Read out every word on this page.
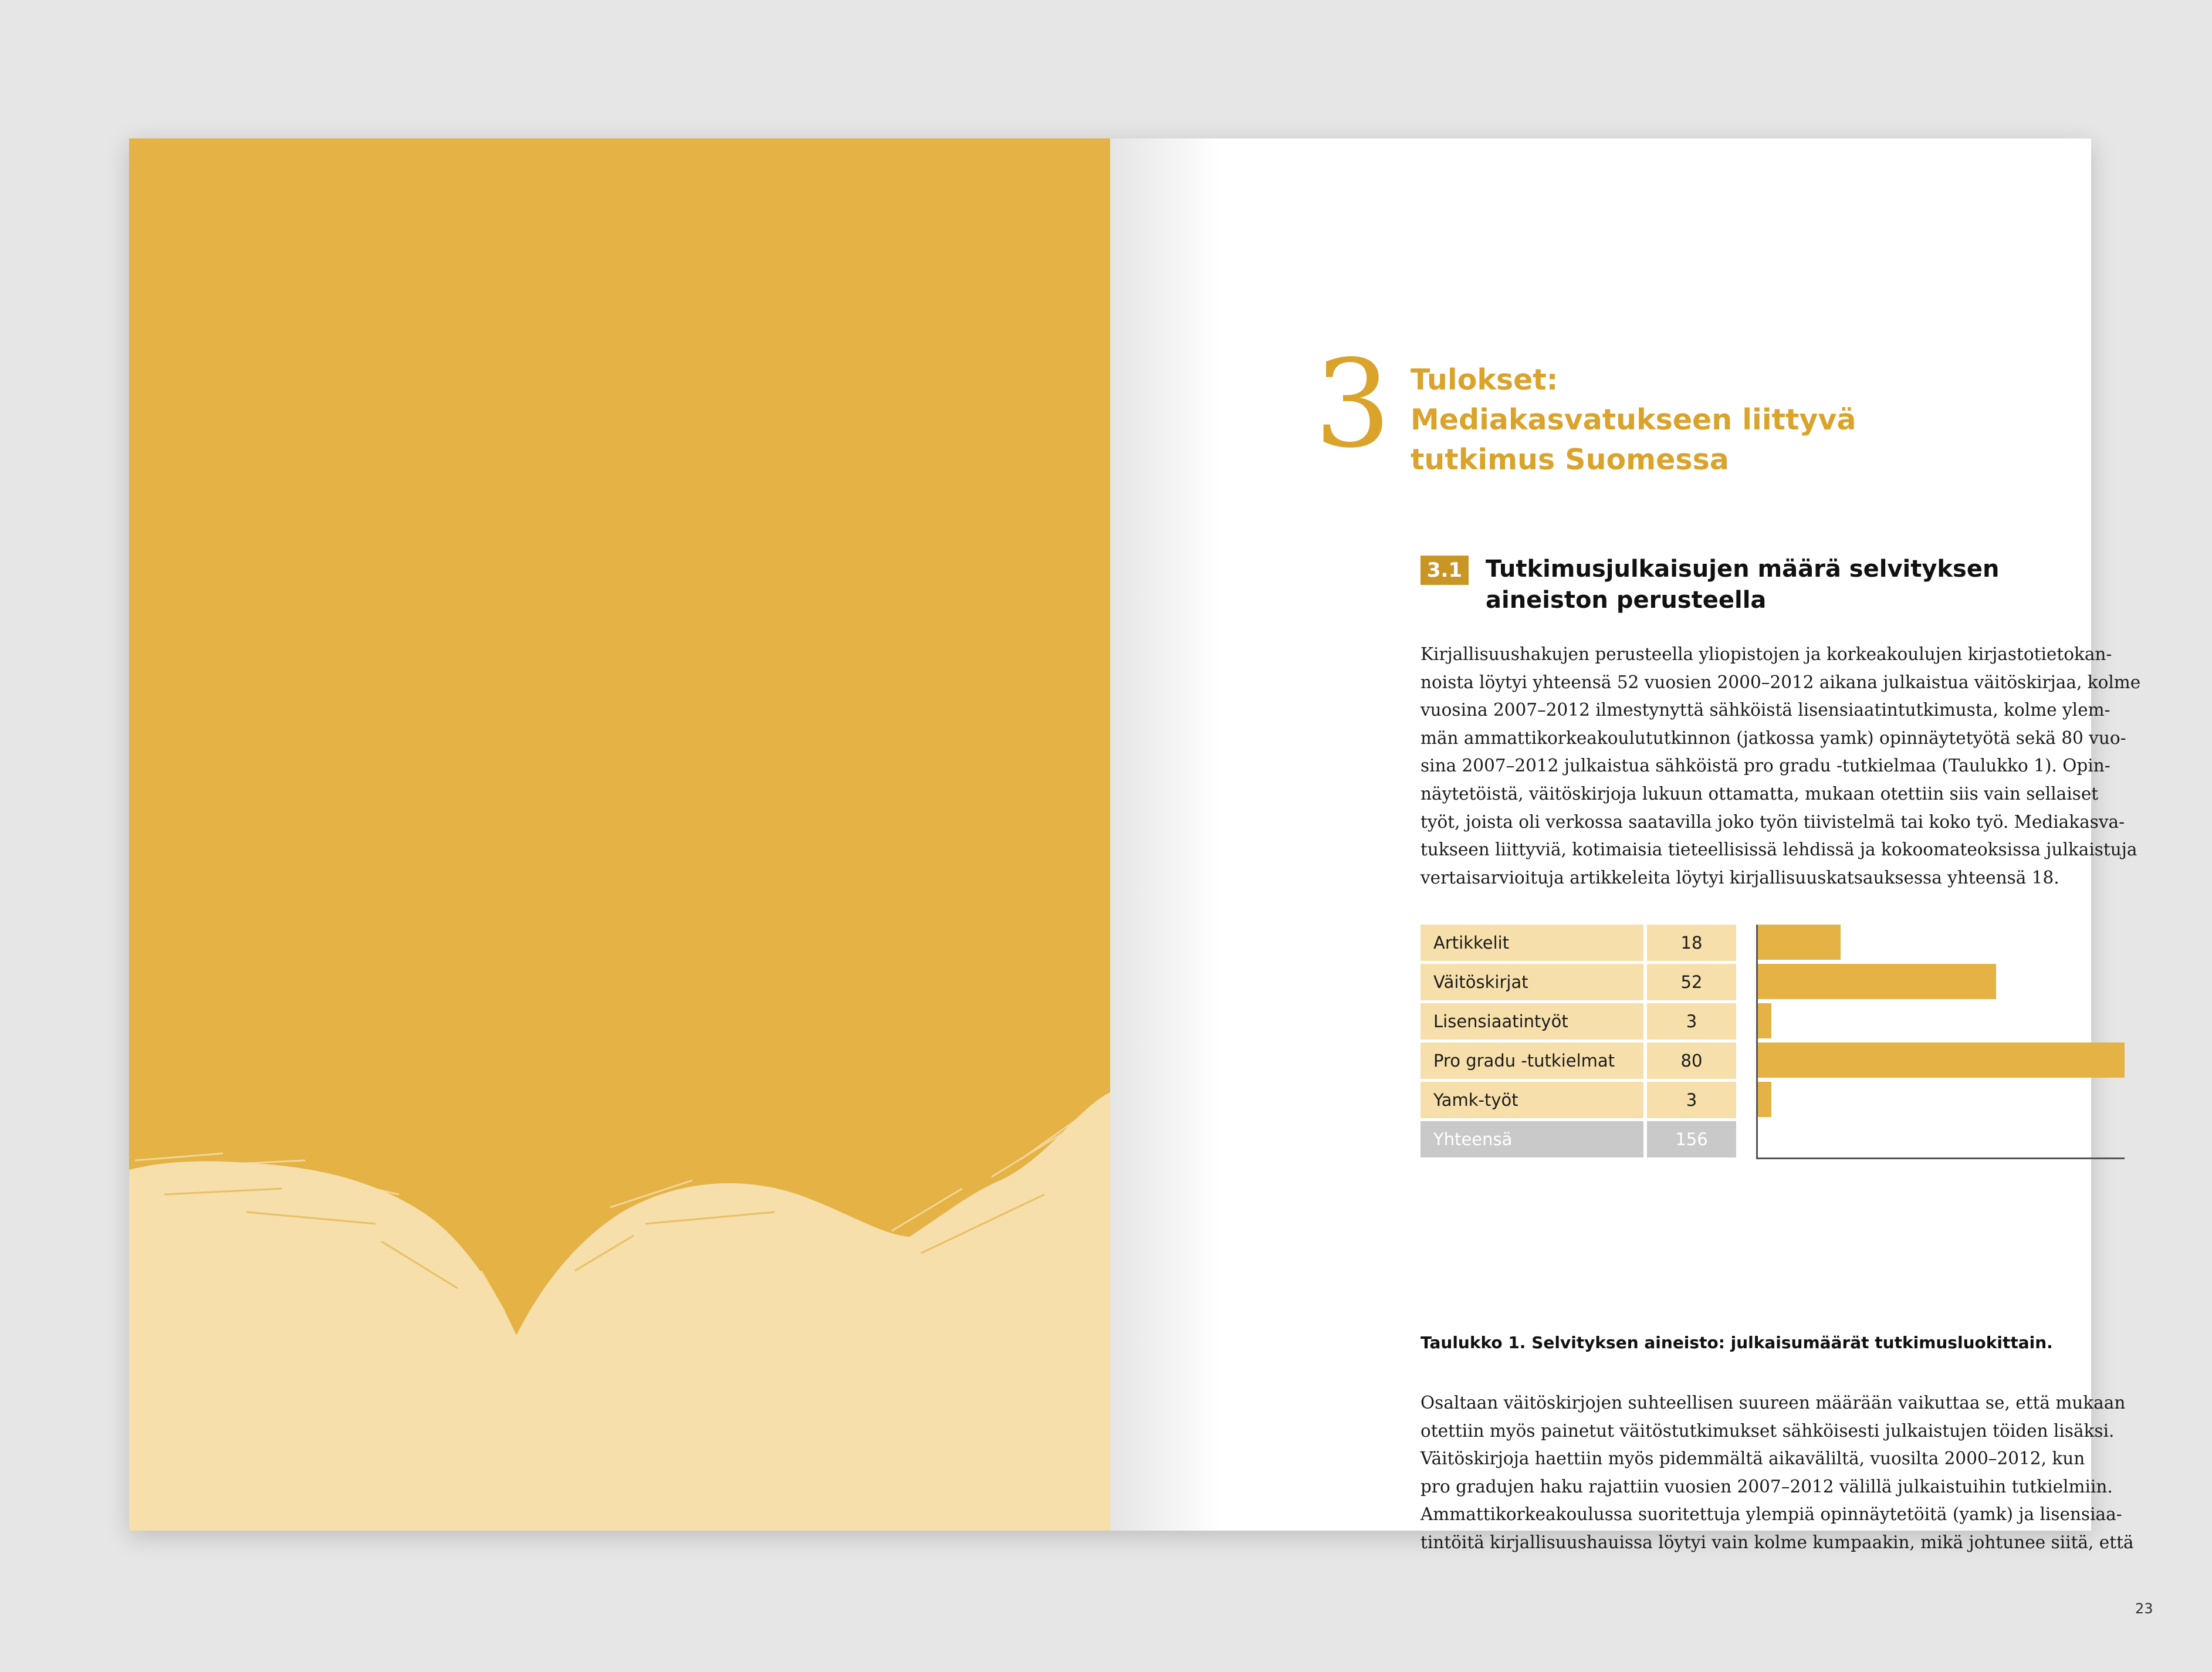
3 Tulokset:
Mediakasvatukseen liittyvä
tutkimus Suomessa
3.1 Tutkimusjulkaisujen määrä selvityksen
aineiston perusteella
Kirjallisuushakujen perusteella yliopistojen ja korkeakoulujen kirjastotietokan-
noista löytyi yhteensä 52 vuosien 2000–2012 aikana julkaistua väitöskirjaa, kolme
vuosina 2007–2012 ilmestynyttä sähköistä lisensiaatintutkimusta, kolme ylem-
män ammattikorkeakoulututkinnon (jatkossa yamk) opinnäytetyötä sekä 80 vuo-
sina 2007–2012 julkaistua sähköistä pro gradu -tutkielmaa (Taulukko 1). Opin-
näytetöistä, väitöskirjoja lukuun ottamatta, mukaan otettiin siis vain sellaiset
työt, joista oli verkossa saatavilla joko työn tiivistelmä tai koko työ. Mediakasva-
tukseen liittyviä, kotimaisia tieteellisissä lehdissä ja kokoomateoksissa julkaistuja
vertaisarvioituja artikkeleita löytyi kirjallisuuskatsauksessa yhteensä 18.
Artikkelit	18
Väitöskirjat	52
Lisensiaatintyöt	3
Pro gradu -tutkielmat	80
Yamk-työt	3
Yhteensä	156
Taulukko 1. Selvityksen aineisto: julkaisumäärät tutkimusluokittain.
Osaltaan väitöskirjojen suhteellisen suureen määrään vaikuttaa se, että mukaan
otettiin myös painetut väitöstutkimukset sähköisesti julkaistujen töiden lisäksi.
Väitöskirjoja haettiin myös pidemmältä aikaväliltä, vuosilta 2000–2012, kun
pro gradujen haku rajattiin vuosien 2007–2012 välillä julkaistuihin tutkielmiin.
Ammattikorkeakoulussa suoritettuja ylempiä opinnäytetöitä (yamk) ja lisensiaa-
tintöitä kirjallisuushauissa löytyi vain kolme kumpaakin, mikä johtunee siitä, että
23
